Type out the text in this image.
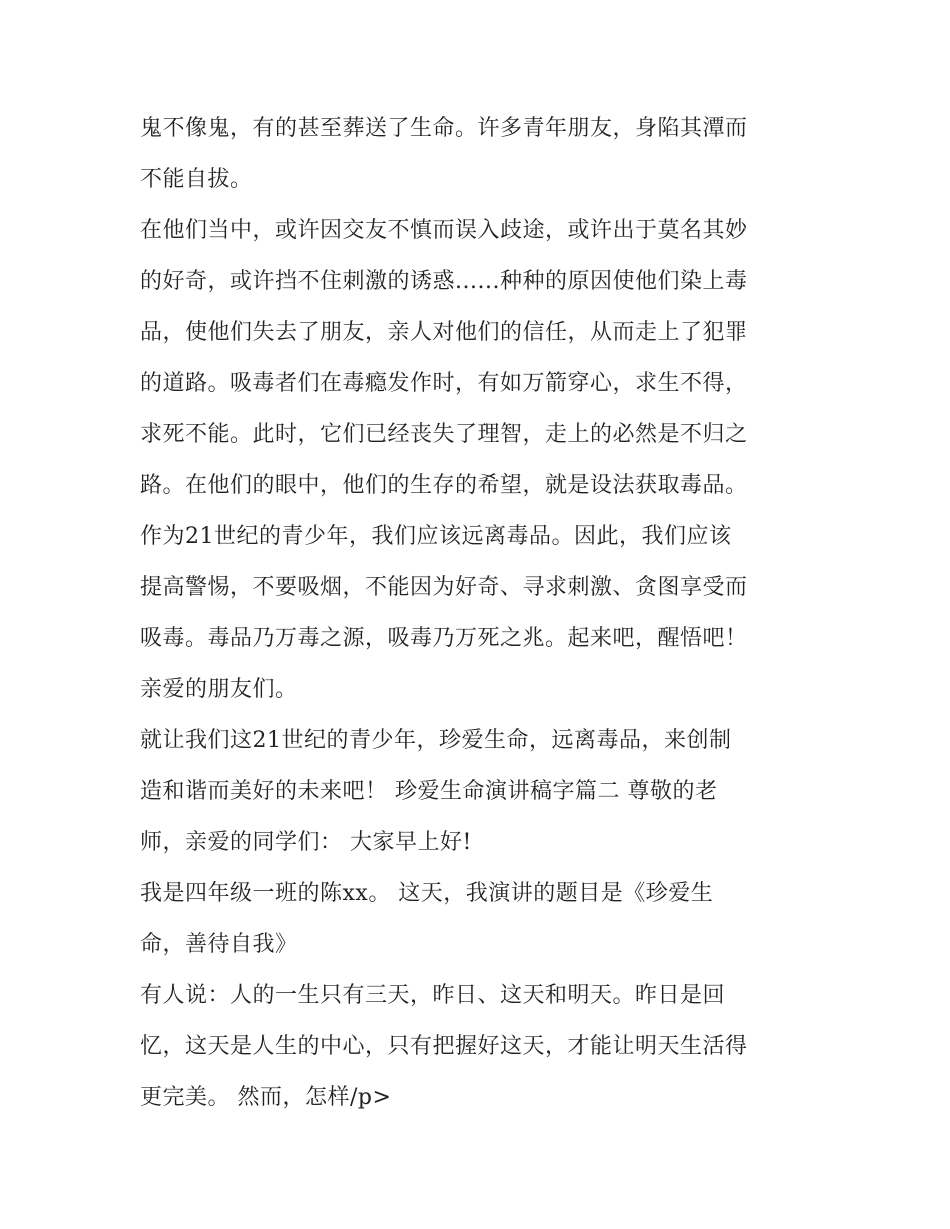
鬼不像鬼，有的甚至葬送了生命。许多青年朋友，身陷其潭而
不能自拔。
在他们当中，或许因交友不慎而误入歧途，或许出于莫名其妙
的好奇，或许挡不住刺激的诱惑......种种的原因使他们染上毒
品，使他们失去了朋友，亲人对他们的信任，从而走上了犯罪
的道路。吸毒者们在毒瘾发作时，有如万箭穿心，求生不得，
求死不能。此时，它们已经丧失了理智，走上的必然是不归之
路。在他们的眼中，他们的生存的希望，就是设法获取毒品。
作为21世纪的青少年，我们应该远离毒品。因此，我们应该
提高警惕，不要吸烟，不能因为好奇、寻求刺激、贪图享受而
吸毒。毒品乃万毒之源，吸毒乃万死之兆。起来吧，醒悟吧！
亲爱的朋友们。
就让我们这21世纪的青少年，珍爱生命，远离毒品，来创制
造和谐而美好的未来吧！ 珍爱生命演讲稿字篇二 尊敬的老
师，亲爱的同学们： 大家早上好!
我是四年级一班的陈xx。 这天，我演讲的题目是《珍爱生
命，善待自我》
有人说：人的一生只有三天，昨日、这天和明天。昨日是回
忆，这天是人生的中心，只有把握好这天，才能让明天生活得
更完美。 然而，怎样/p>
